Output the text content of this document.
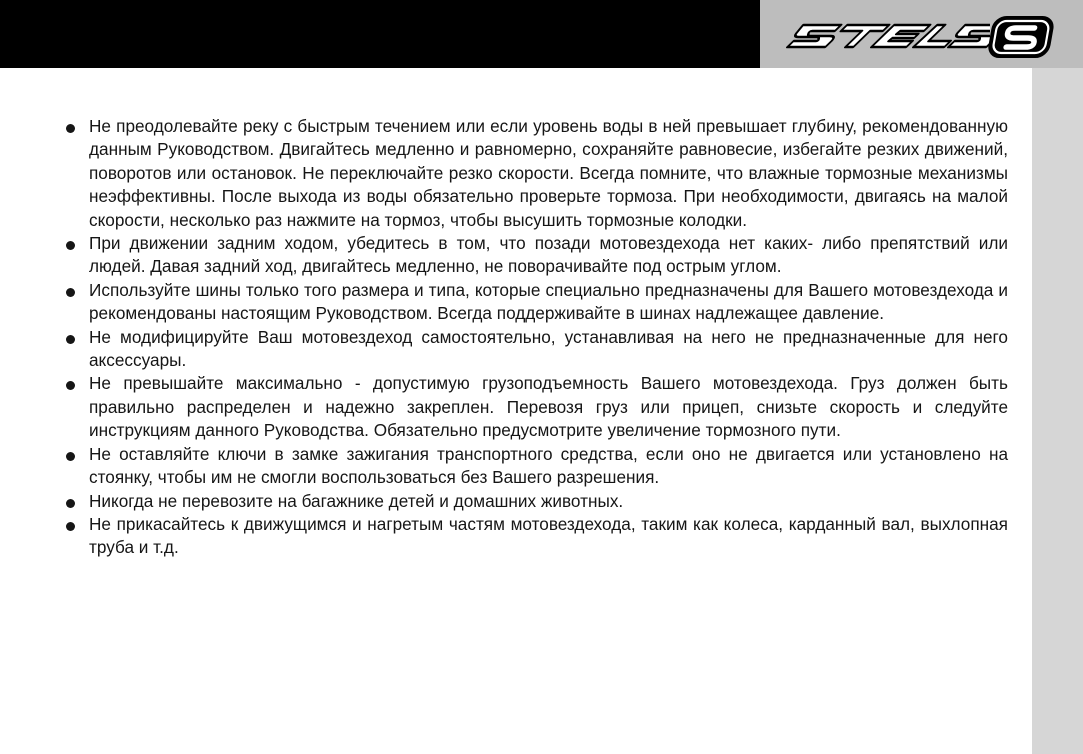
Не преодолевайте реку с быстрым течением или если уровень воды в ней превышает глубину, рекомендованную данным Руководством. Двигайтесь медленно и равномерно, сохраняйте равновесие, избегайте резких движений, поворотов или остановок. Не переключайте резко скорости. Всегда помните, что влажные тормозные механизмы неэффективны. После выхода из воды обязательно проверьте тормоза. При необходимости, двигаясь на малой скорости, несколько раз нажмите на тормоз, чтобы высушить тормозные колодки.
При движении задним ходом, убедитесь в том, что позади мотовездехода нет каких- либо препятствий или людей. Давая задний ход, двигайтесь медленно, не поворачивайте под острым углом.
Используйте шины только того размера и типа, которые специально предназначены для Вашего мотовездехода и рекомендованы настоящим Руководством. Всегда поддерживайте в шинах надлежащее давление.
Не модифицируйте Ваш мотовездеход самостоятельно, устанавливая на него не предназначенные для него аксессуары.
Не превышайте максимально - допустимую грузоподъемность Вашего мотовездехода. Груз должен быть правильно распределен и надежно закреплен. Перевозя груз или прицеп, снизьте скорость и следуйте инструкциям данного Руководства. Обязательно предусмотрите увеличение тормозного пути.
Не оставляйте ключи в замке зажигания транспортного средства, если оно не двигается или установлено на стоянку, чтобы им не смогли воспользоваться без Вашего разрешения.
Никогда не перевозите на багажнике детей и домашних животных.
Не прикасайтесь к движущимся и нагретым частям мотовездехода, таким как колеса, карданный вал, выхлопная труба и т.д.
